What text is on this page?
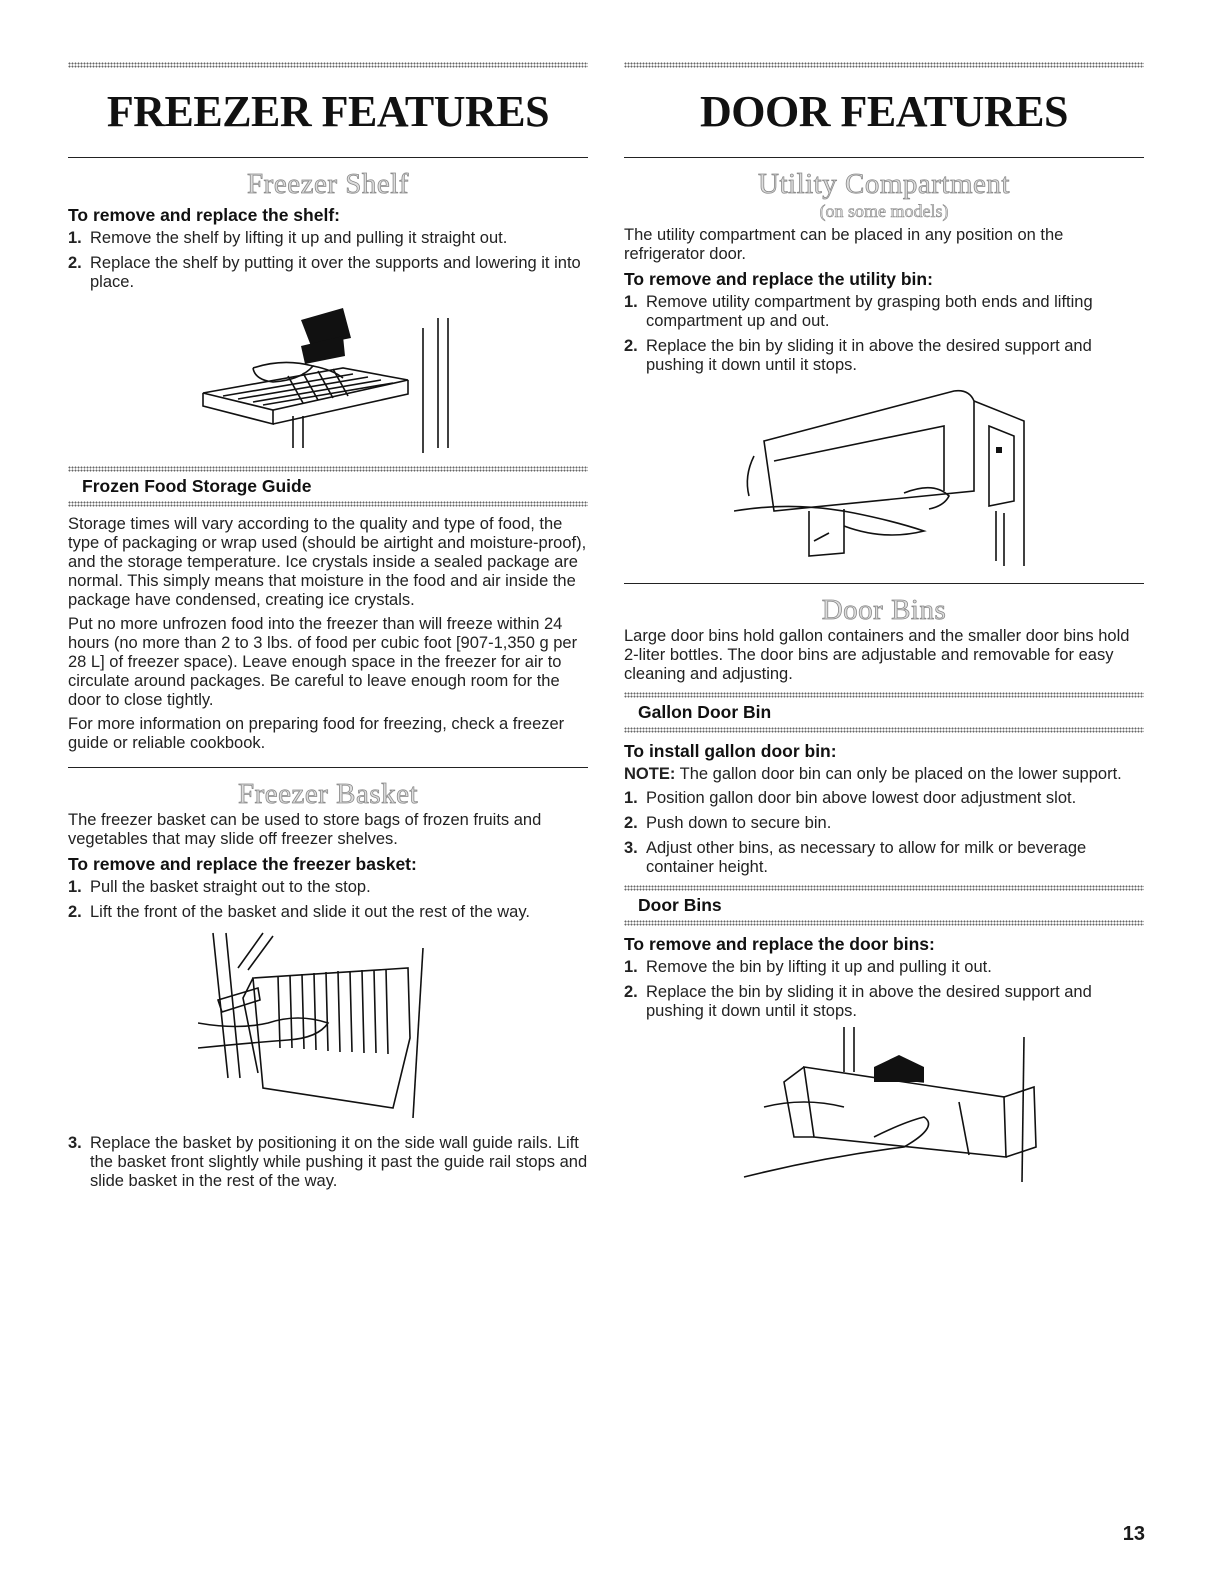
FREEZER FEATURES
Freezer Shelf
To remove and replace the shelf:
1. Remove the shelf by lifting it up and pulling it straight out.
2. Replace the shelf by putting it over the supports and lowering it into place.
Frozen Food Storage Guide

Storage times will vary according to the quality and type of food, the type of packaging or wrap used (should be airtight and moisture-proof), and the storage temperature. Ice crystals inside a sealed package are normal. This simply means that moisture in the food and air inside the package have condensed, creating ice crystals.

Put no more unfrozen food into the freezer than will freeze within 24 hours (no more than 2 to 3 lbs. of food per cubic foot [907-1,350 g per 28 L] of freezer space). Leave enough space in the freezer for air to circulate around packages. Be careful to leave enough room for the door to close tightly.

For more information on preparing food for freezing, check a freezer guide or reliable cookbook.

Freezer Basket

The freezer basket can be used to store bags of frozen fruits and vegetables that may slide off freezer shelves.

To remove and replace the freezer basket:
1. Pull the basket straight out to the stop.
2. Lift the front of the basket and slide it out the rest of the way.
3. Replace the basket by positioning it on the side wall guide rails. Lift the basket front slightly while pushing it past the guide rail stops and slide basket in the rest of the way.
DOOR FEATURES
Utility Compartment
(on some models)

The utility compartment can be placed in any position on the refrigerator door.

To remove and replace the utility bin:
1. Remove utility compartment by grasping both ends and lifting compartment up and out.
2. Replace the bin by sliding it in above the desired support and pushing it down until it stops.
Door Bins

Large door bins hold gallon containers and the smaller door bins hold 2-liter bottles. The door bins are adjustable and removable for easy cleaning and adjusting.

Gallon Door Bin
To install gallon door bin:

NOTE: The gallon door bin can only be placed on the lower support.

1. Position gallon door bin above lowest door adjustment slot.
2. Push down to secure bin.
3. Adjust other bins, as necessary to allow for milk or beverage container height.
Door Bins
To remove and replace the door bins:
1. Remove the bin by lifting it up and pulling it out.
2. Replace the bin by sliding it in above the desired support and pushing it down until it stops.
13
